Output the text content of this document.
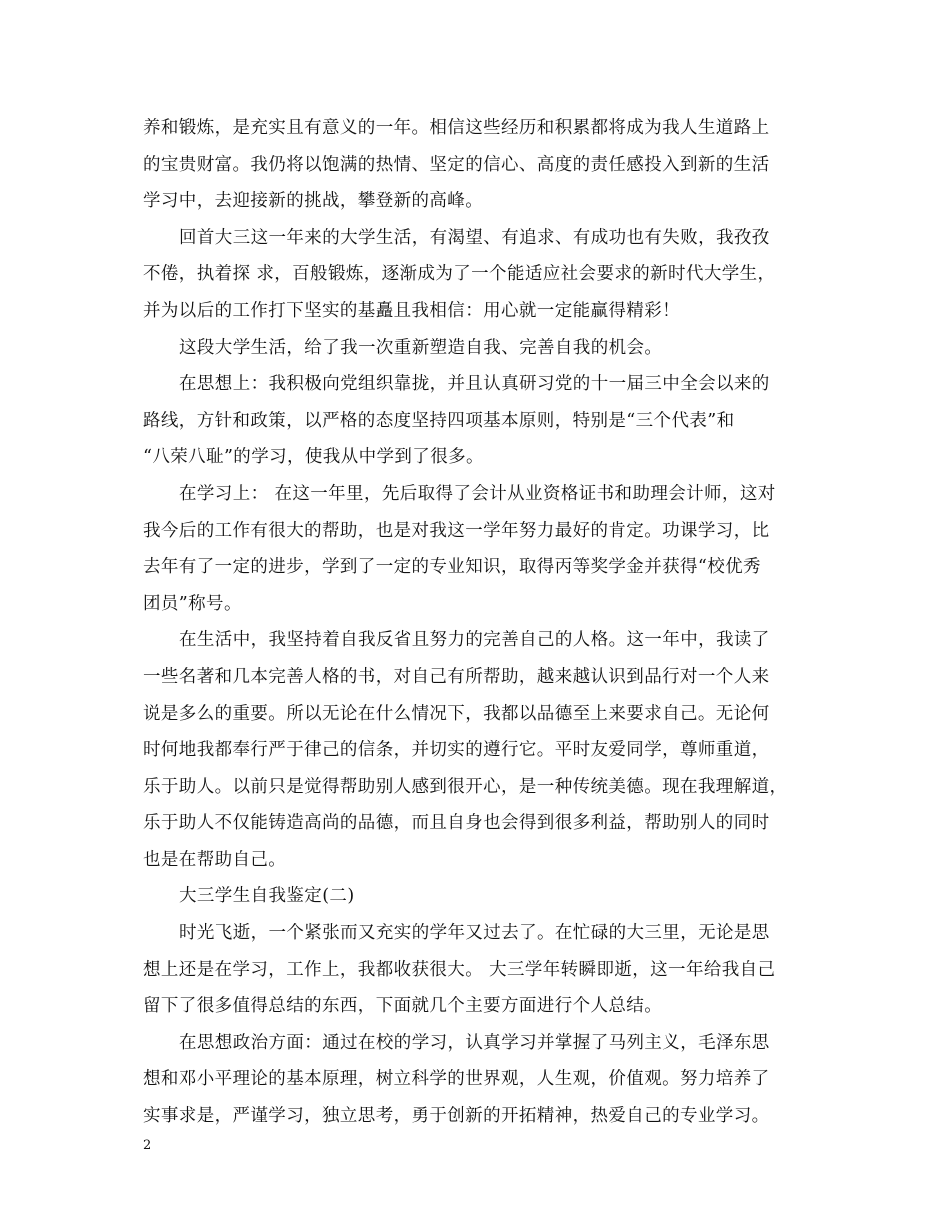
养和锻炼，是充实且有意义的一年。相信这些经历和积累都将成为我人生道路上
的宝贵财富。我仍将以饱满的热情、坚定的信心、高度的责任感投入到新的生活
学习中，去迎接新的挑战，攀登新的高峰。
回首大三这一年来的大学生活，有渴望、有追求、有成功也有失败，我孜孜
不倦，执着探 求，百般锻炼，逐渐成为了一个能适应社会要求的新时代大学生，
并为以后的工作打下坚实的基矗且我相信：用心就一定能赢得精彩！
这段大学生活，给了我一次重新塑造自我、完善自我的机会。
在思想上：我积极向党组织靠拢，并且认真研习党的十一届三中全会以来的
路线，方针和政策，以严格的态度坚持四项基本原则，特别是“三个代表”和
“八荣八耻”的学习，使我从中学到了很多。
在学习上： 在这一年里，先后取得了会计从业资格证书和助理会计师，这对
我今后的工作有很大的帮助，也是对我这一学年努力最好的肯定。功课学习，比
去年有了一定的进步，学到了一定的专业知识，取得丙等奖学金并获得“校优秀
团员”称号。
在生活中，我坚持着自我反省且努力的完善自己的人格。这一年中，我读了
一些名著和几本完善人格的书，对自己有所帮助，越来越认识到品行对一个人来
说是多么的重要。所以无论在什么情况下，我都以品德至上来要求自己。无论何
时何地我都奉行严于律己的信条，并切实的遵行它。平时友爱同学，尊师重道，
乐于助人。以前只是觉得帮助别人感到很开心，是一种传统美德。现在我理解道，
乐于助人不仅能铸造高尚的品德，而且自身也会得到很多利益，帮助别人的同时
也是在帮助自己。
大三学生自我鉴定(二)
时光飞逝，一个紧张而又充实的学年又过去了。在忙碌的大三里，无论是思
想上还是在学习，工作上，我都收获很大。 大三学年转瞬即逝，这一年给我自己
留下了很多值得总结的东西，下面就几个主要方面进行个人总结。
在思想政治方面：通过在校的学习，认真学习并掌握了马列主义，毛泽东思
想和邓小平理论的基本原理，树立科学的世界观，人生观，价值观。努力培养了
实事求是，严谨学习，独立思考，勇于创新的开拓精神，热爱自己的专业学习。
2
